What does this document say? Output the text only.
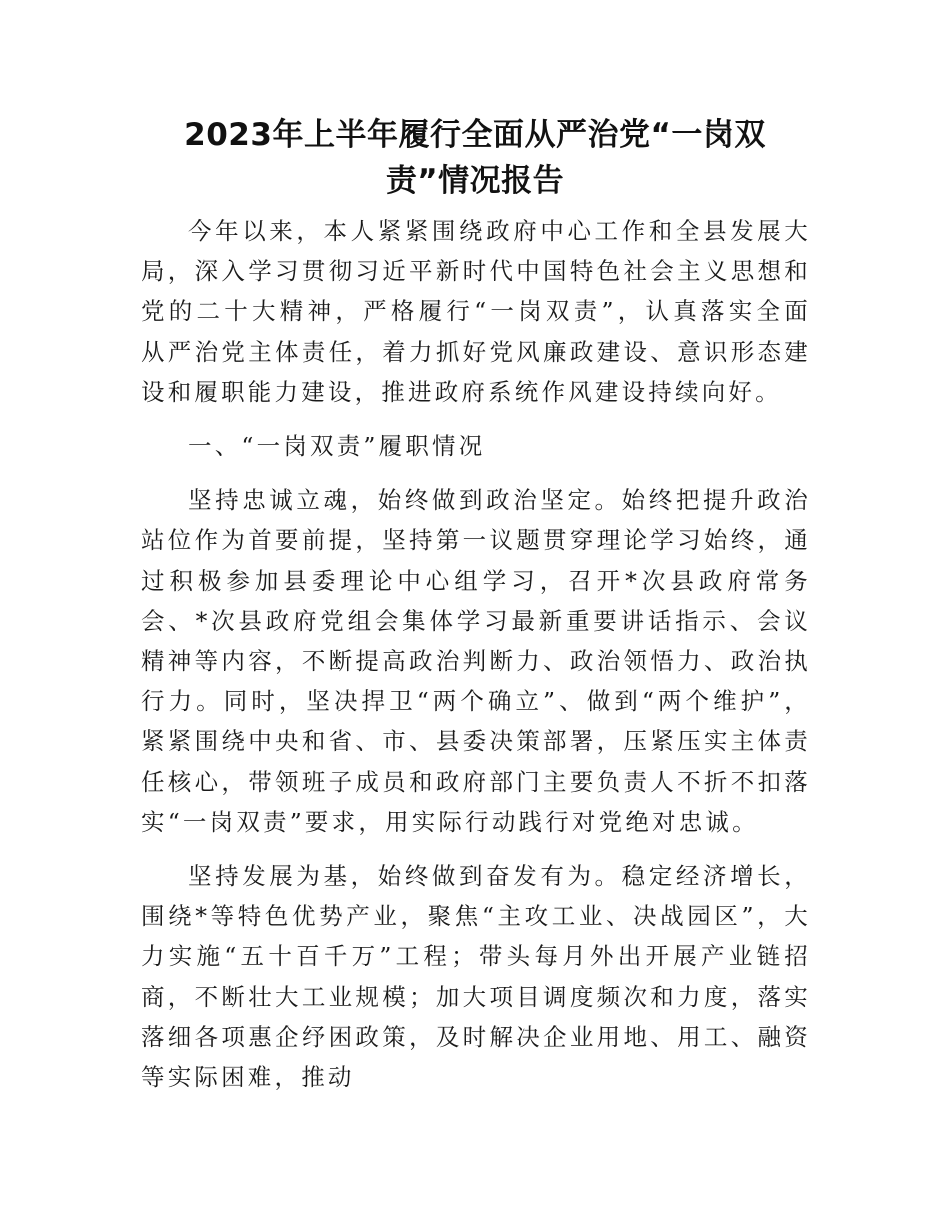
2023年上半年履行全面从严治党“一岗双
责”情况报告

今年以来，本人紧紧围绕政府中心工作和全县发展大局，深入学习贯彻习近平新时代中国特色社会主义思想和党的二十大精神，严格履行“一岗双责”，认真落实全面从严治党主体责任，着力抓好党风廉政建设、意识形态建设和履职能力建设，推进政府系统作风建设持续向好。

一、“一岗双责”履职情况

坚持忠诚立魂，始终做到政治坚定。始终把提升政治站位作为首要前提，坚持第一议题贯穿理论学习始终，通过积极参加县委理论中心组学习，召开*次县政府常务会、*次县政府党组会集体学习最新重要讲话指示、会议精神等内容，不断提高政治判断力、政治领悟力、政治执行力。同时，坚决捍卫“两个确立”、做到“两个维护”，紧紧围绕中央和省、市、县委决策部署，压紧压实主体责任核心，带领班子成员和政府部门主要负责人不折不扣落实“一岗双责”要求，用实际行动践行对党绝对忠诚。

坚持发展为基，始终做到奋发有为。稳定经济增长，围绕*等特色优势产业，聚焦“主攻工业、决战园区”，大力实施“五十百千万”工程；带头每月外出开展产业链招商，不断壮大工业规模；加大项目调度频次和力度，落实落细各项惠企纾困政策，及时解决企业用地、用工、融资等实际困难，推动
